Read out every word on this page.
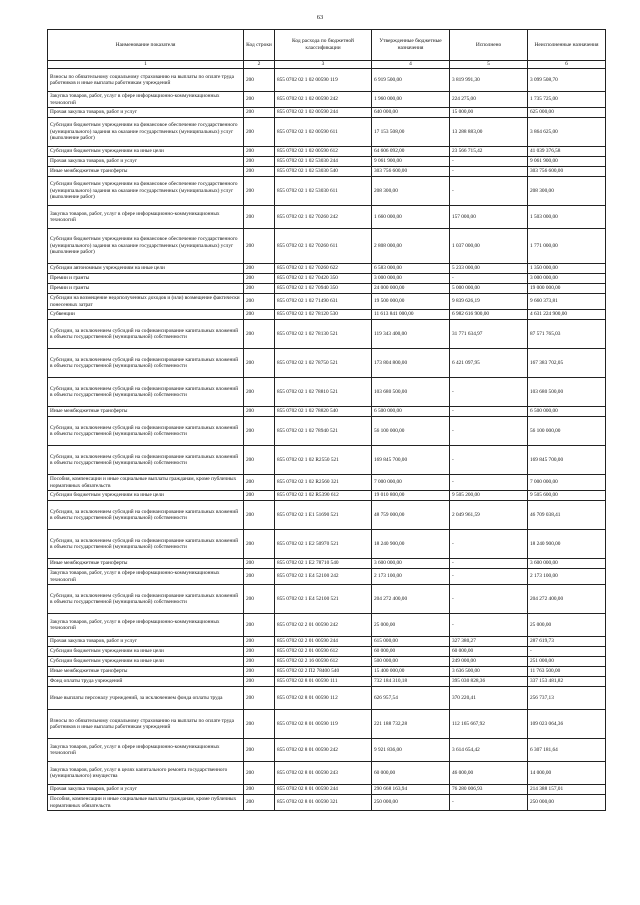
63
Наименование показателя	Код строки	Код расхода по бюджетной классификации	Утвержденные бюджетные назначения	Исполнено	Неисполненные назначения
1	2	3	4	5	6
Взносы по обязательному социальному страхованию на выплаты по оплате труда работников и иные выплаты работникам учреждений	200	855 0702 02 1 02 00590 119	6 919 500,00	3 819 991,30	3 099 508,70
Закупка товаров, работ, услуг в сфере информационно-коммуникационных технологий	200	855 0702 02 1 02 00590 242	1 960 000,00	224 275,00	1 735 725,00
Прочая закупка товаров, работ и услуг	200	855 0702 02 1 02 00590 244	640 000,00	15 000,00	625 000,00
Субсидии бюджетным учреждениям на финансовое обеспечение государственного (муниципального) задания на оказание государственных (муниципальных) услуг (выполнение работ)	200	855 0702 02 1 02 00590 611	17 153 508,00	13 288 883,00	3 864 625,00
Субсидии бюджетным учреждениям на иные цели	200	855 0702 02 1 02 00590 612	64 606 092,00	23 566 715,42	41 039 376,58
Прочая закупка товаров, работ и услуг	200	855 0702 02 1 02 53030 244	9 061 900,00	-	9 061 900,00
Иные межбюджетные трансферты	200	855 0702 02 1 02 53030 540	303 756 600,00	-	303 756 600,00
Субсидии бюджетным учреждениям на финансовое обеспечение государственного (муниципального) задания на оказание государственных (муниципальных) услуг (выполнение работ)	200	855 0702 02 1 02 53030 611	208 300,00	-	208 300,00
Закупка товаров, работ, услуг в сфере информационно-коммуникационных технологий	200	855 0702 02 1 02 70260 242	1 660 000,00	157 000,00	1 503 000,00
Субсидии бюджетным учреждениям на финансовое обеспечение государственного (муниципального) задания на оказание государственных (муниципальных) услуг (выполнение работ)	200	855 0702 02 1 02 70260 611	2 808 000,00	1 037 000,00	1 771 000,00
Субсидии автономным учреждениям на иные цели	200	855 0702 02 1 02 70260 622	6 583 000,00	5 233 000,00	1 350 000,00
Премии и гранты	200	855 0702 02 1 02 70420 350	3 000 000,00	-	3 000 000,00
Премии и гранты	200	855 0702 02 1 02 70940 350	24 000 000,00	5 000 000,00	19 000 000,00
Субсидии на возмещение недополученных доходов и (или) возмещение фактически понесенных затрат	200	855 0702 02 1 02 71490 631	19 500 000,00	9 839 626,19	9 660 373,81
Субвенции	200	855 0702 02 1 02 78120 530	11 613 841 000,00	6 982 616 900,00	4 631 224 900,00
Субсидии, за исключением субсидий на софинансирование капитальных вложений в объекты государственной (муниципальной) собственности	200	855 0702 02 1 02 78130 521	119 343 400,00	31 771 634,97	87 571 765,03
Субсидии, за исключением субсидий на софинансирование капитальных вложений в объекты государственной (муниципальной) собственности	200	855 0702 02 1 02 78750 521	173 804 800,00	6 421 097,95	167 383 702,05
Субсидии, за исключением субсидий на софинансирование капитальных вложений в объекты государственной (муниципальной) собственности	200	855 0702 02 1 02 78810 521	103 680 500,00	-	103 680 500,00
Иные межбюджетные трансферты	200	855 0702 02 1 02 78820 540	6 500 000,00	-	6 500 000,00
Субсидии, за исключением субсидий на софинансирование капитальных вложений в объекты государственной (муниципальной) собственности	200	855 0702 02 1 02 78940 521	56 100 000,00	-	56 100 000,00
Субсидии, за исключением субсидий на софинансирование капитальных вложений в объекты государственной (муниципальной) собственности	200	855 0702 02 1 02 R2550 521	169 845 700,00	-	169 845 700,00
Пособия, компенсации и иные социальные выплаты гражданам, кроме публичных нормативных обязательств	200	855 0702 02 1 02 R2560 321	7 000 000,00	-	7 000 000,00
Субсидии бюджетным учреждениям на иные цели	200	855 0702 02 1 02 R5390 612	19 010 800,00	9 505 200,00	9 505 600,00
Субсидии, за исключением субсидий на софинансирование капитальных вложений в объекты государственной (муниципальной) собственности	200	855 0702 02 1 E1 51690 521	48 759 000,00	2 049 961,59	46 709 038,41
Субсидии, за исключением субсидий на софинансирование капитальных вложений в объекты государственной (муниципальной) собственности	200	855 0702 02 1 E2 50970 521	18 240 900,00	-	18 240 900,00
Иные межбюджетные трансферты	200	855 0702 02 1 E2 78710 540	3 600 000,00	-	3 600 000,00
Закупка товаров, работ, услуг в сфере информационно-коммуникационных технологий	200	855 0702 02 1 E4 52100 242	2 173 100,00	-	2 173 100,00
Субсидии, за исключением субсидий на софинансирование капитальных вложений в объекты государственной (муниципальной) собственности	200	855 0702 02 1 E4 52100 521	204 272 400,00	-	204 272 400,00
Закупка товаров, работ, услуг в сфере информационно-коммуникационных технологий	200	855 0702 02 2 01 00590 242	25 000,00	-	25 000,00
Прочая закупка товаров, работ и услуг	200	855 0702 02 2 01 00590 244	615 000,00	327 380,27	287 619,73
Субсидии бюджетным учреждениям на иные цели	200	855 0702 02 2 01 00590 612	60 000,00	60 000,00	-
Субсидии бюджетным учреждениям на иные цели	200	855 0702 02 2 16 00590 612	500 000,00	249 000,00	251 000,00
Иные межбюджетные трансферты	200	855 0702 02 2 П2 78400 540	15 400 000,00	3 636 500,00	11 763 500,00
Фонд оплаты труда учреждений	200	855 0702 02 8 01 00590 111	732 184 310,18	395 030 828,36	337 153 481,82
Иные выплаты персоналу учреждений, за исключением фонда оплаты труда	200	855 0702 02 8 01 00590 112	626 957,54	370 220,41	256 737,13
Взносы по обязательному социальному страхованию на выплаты по оплате труда работников и иные выплаты работникам учреждений	200	855 0702 02 8 01 00590 119	221 188 732,28	112 165 667,92	109 023 064,36
Закупка товаров, работ, услуг в сфере информационно-коммуникационных технологий	200	855 0702 02 8 01 00590 242	9 921 836,00	3 614 654,42	6 307 181,64
Закупка товаров, работ, услуг в целях капитального ремонта государственного (муниципального) имущества	200	855 0702 02 8 01 00590 243	60 000,00	46 000,00	14 000,00
Прочая закупка товаров, работ и услуг	200	855 0702 02 8 01 00590 244	290 668 163,94	76 280 006,93	214 388 157,01
Пособия, компенсации и иные социальные выплаты гражданам, кроме публичных нормативных обязательств	200	855 0702 02 8 01 00590 321	250 000,00	-	250 000,00
